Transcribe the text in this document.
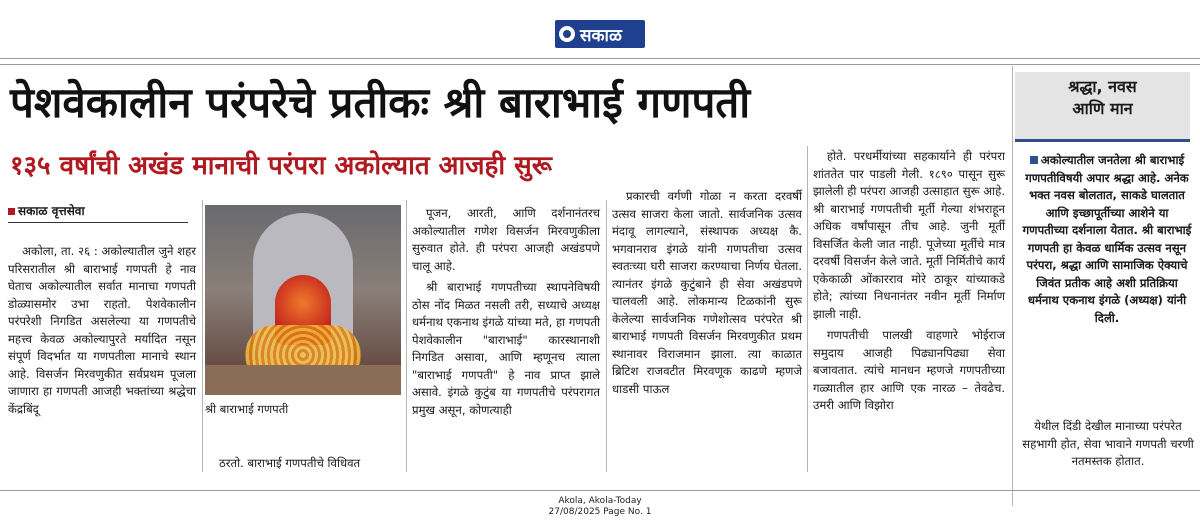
सकाळ
पेशवेकालीन परंपरेचे प्रतीकः श्री बाराभाई गणपती
१३५ वर्षांची अखंड मानाची परंपरा अकोल्यात आजही सुरू
सकाळ वृत्तसेवा

अकोला, ता. २६ : अकोल्यातील जुने शहर परिसरातील श्री बाराभाई गणपती हे नाव घेताच अकोल्यातील सर्वात मानाचा गणपती डोळ्यासमोर उभा राहतो. पेशवेकालीन परंपरेशी निगडित असलेल्या या गणपतीचे महत्त्व केवळ अकोल्यापुरते मर्यादित नसून संपूर्ण विदर्भात या गणपतीला मानाचे स्थान आहे. विसर्जन मिरवणुकीत सर्वप्रथम पूजला जाणारा हा गणपती आजही भक्तांच्या श्रद्धेचा केंद्रबिंदू	श्री बाराभाई गणपती

ठरतो. बाराभाई गणपतीचे विधिवत

पूजन, आरती, आणि दर्शनानंतरच अकोल्यातील गणेश विसर्जन मिरवणुकीला सुरुवात होते. ही परंपरा आजही अखंडपणे चालू आहे.

श्री बाराभाई गणपतीच्या स्थापनेविषयी ठोस नोंद मिळत नसली तरी, सध्याचे अध्यक्ष धर्मनाथ एकनाथ इंगळे यांच्या मते, हा गणपती पेशवेकालीन "बाराभाई" कारस्थानाशी निगडित असावा, आणि म्हणूनच त्याला "बाराभाई गणपती" हे नाव प्राप्त झाले असावे. इंगळे कुटुंब या गणपतीचे परंपरागत प्रमुख असून, कोणत्याही

प्रकारची वर्गणी गोळा न करता दरवर्षी उत्सव साजरा केला जातो. सार्वजनिक उत्सव मंदावू लागल्याने, संस्थापक अध्यक्ष कै. भगवानराव इंगळे यांनी गणपतीचा उत्सव स्वतःच्या घरी साजरा करण्याचा निर्णय घेतला. त्यानंतर इंगळे कुटुंबाने ही सेवा अखंडपणे चालवली आहे. लोकमान्य टिळकांनी सुरू केलेल्या सार्वजनिक गणेशोत्सव परंपरेत श्री बाराभाई गणपती विसर्जन मिरवणुकीत प्रथम स्थानावर विराजमान झाला. त्या काळात ब्रिटिश राजवटीत मिरवणूक काढणे म्हणजे धाडसी पाऊल

होते. परधर्मीयांच्या सहकार्याने ही परंपरा शांततेत पार पाडली गेली. १८९० पासून सुरू झालेली ही परंपरा आजही उत्साहात सुरू आहे. श्री बाराभाई गणपतीची मूर्ती गेल्या शंभराहून अधिक वर्षांपासून तीच आहे. जुनी मूर्ती विसर्जित केली जात नाही. पूजेच्या मूर्तीचे मात्र दरवर्षी विसर्जन केले जाते. मूर्ती निर्मितीचे कार्य एकेकाळी ओंकारराव मोरे ठाकूर यांच्याकडे होते; त्यांच्या निधनानंतर नवीन मूर्ती निर्माण झाली नाही.

गणपतीची पालखी वाहणारे भोईराज समुदाय आजही पिढ्यानपिढ्या सेवा बजावतात. त्यांचे मानधन म्हणजे गणपतीच्या गळ्यातील हार आणि एक नारळ – तेवढेच. उमरी आणि विझोरा

श्रद्धा, नवस
आणि मान
अकोल्यातील जनतेला श्री बाराभाई गणपतीविषयी अपार श्रद्धा आहे. अनेक भक्त नवस बोलतात, साकडे घालतात आणि इच्छापूर्तीच्या आशेने या गणपतीच्या दर्शनाला येतात. श्री बाराभाई गणपती हा केवळ धार्मिक उत्सव नसून परंपरा, श्रद्धा आणि सामाजिक ऐक्याचे जिवंत प्रतीक आहे अशी प्रतिक्रिया धर्मनाथ एकनाथ इंगळे (अध्यक्ष) यांनी दिली.
येथील दिंडी देखील मानाच्या परंपरेत सहभागी होत, सेवा भावाने गणपती चरणी नतमस्तक होतात.
Akola, Akola-Today
27/08/2025 Page No. 1
